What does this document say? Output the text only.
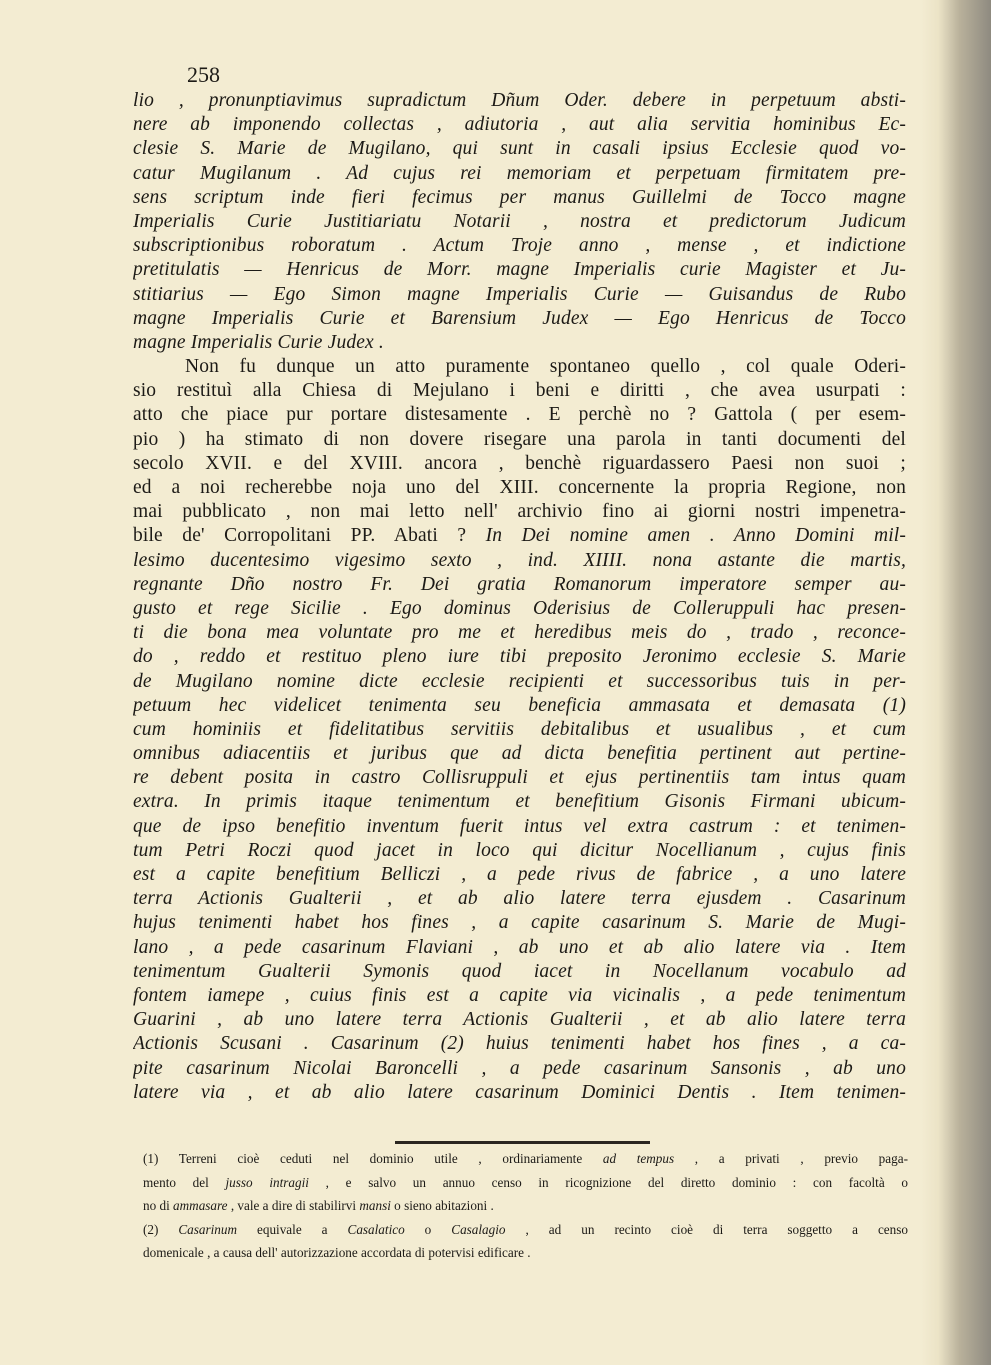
258
lio , pronunptiavimus supradictum Dñum Oder. debere in perpetuum absti-
nere ab imponendo collectas , adiutoria , aut alia servitia hominibus Ec-
clesie S. Marie de Mugilano, qui sunt in casali ipsius Ecclesie quod vo-
catur Mugilanum . Ad cujus rei memoriam et perpetuam firmitatem pre-
sens scriptum inde fieri fecimus per manus Guillelmi de Tocco magne
Imperialis Curie Justitiariatu Notarii , nostra et predictorum Judicum
subscriptionibus roboratum . Actum Troje anno , mense , et indictione
pretitulatis — Henricus de Morr. magne Imperialis curie Magister et Ju-
stitiarius — Ego Simon magne Imperialis Curie — Guisandus de Rubo
magne Imperialis Curie et Barensium Judex — Ego Henricus de Tocco
magne Imperialis Curie Judex .
Non fu dunque un atto puramente spontaneo quello , col quale Oderi-
sio restituì alla Chiesa di Mejulano i beni e diritti , che avea usurpati :
atto che piace pur portare distesamente . E perchè no ? Gattola ( per esem-
pio ) ha stimato di non dovere risegare una parola in tanti documenti del
secolo XVII. e del XVIII. ancora , benchè riguardassero Paesi non suoi ;
ed a noi recherebbe noja uno del XIII. concernente la propria Regione, non
mai pubblicato , non mai letto nell' archivio fino ai giorni nostri impenetra-
bile de' Corropolitani PP. Abati ? In Dei nomine amen . Anno Domini mil-
lesimo ducentesimo vigesimo sexto , ind. XIIII. nona astante die martis,
regnante Dño nostro Fr. Dei gratia Romanorum imperatore semper au-
gusto et rege Sicilie . Ego dominus Oderisius de Colleruppuli hac presen-
ti die bona mea voluntate pro me et heredibus meis do , trado , reconce-
do , reddo et restituo pleno iure tibi preposito Jeronimo ecclesie S. Marie
de Mugilano nomine dicte ecclesie recipienti et successoribus tuis in per-
petuum hec videlicet tenimenta seu beneficia ammasata et demasata (1)
cum hominiis et fidelitatibus servitiis debitalibus et usualibus , et cum
omnibus adiacentiis et juribus que ad dicta benefitia pertinent aut pertine-
re debent posita in castro Collisruppuli et ejus pertinentiis tam intus quam
extra. In primis itaque tenimentum et benefitium Gisonis Firmani ubicum-
que de ipso benefitio inventum fuerit intus vel extra castrum : et tenimen-
tum Petri Roczi quod jacet in loco qui dicitur Nocellianum , cujus finis
est a capite benefitium Belliczi , a pede rivus de fabrice , a uno latere
terra Actionis Gualterii , et ab alio latere terra ejusdem . Casarinum
hujus tenimenti habet hos fines , a capite casarinum S. Marie de Mugi-
lano , a pede casarinum Flaviani , ab uno et ab alio latere via . Item
tenimentum Gualterii Symonis quod iacet in Nocellanum vocabulo ad
fontem iamepe , cuius finis est a capite via vicinalis , a pede tenimentum
Guarini , ab uno latere terra Actionis Gualterii , et ab alio latere terra
Actionis Scusani . Casarinum (2) huius tenimenti habet hos fines , a ca-
pite casarinum Nicolai Baroncelli , a pede casarinum Sansonis , ab uno
latere via , et ab alio latere casarinum Dominici Dentis . Item tenimen-
(1) Terreni cioè ceduti nel dominio utile , ordinariamente ad tempus , a privati , previo paga-
mento del jusso intragii , e salvo un annuo censo in ricognizione del diretto dominio : con facoltà o
no di ammasare , vale a dire di stabilirvi mansi o sieno abitazioni .
(2) Casarinum equivale a Casalatico o Casalagio , ad un recinto cioè di terra soggetto a censo
domenicale , a causa dell' autorizzazione accordata di potervisi edificare .
